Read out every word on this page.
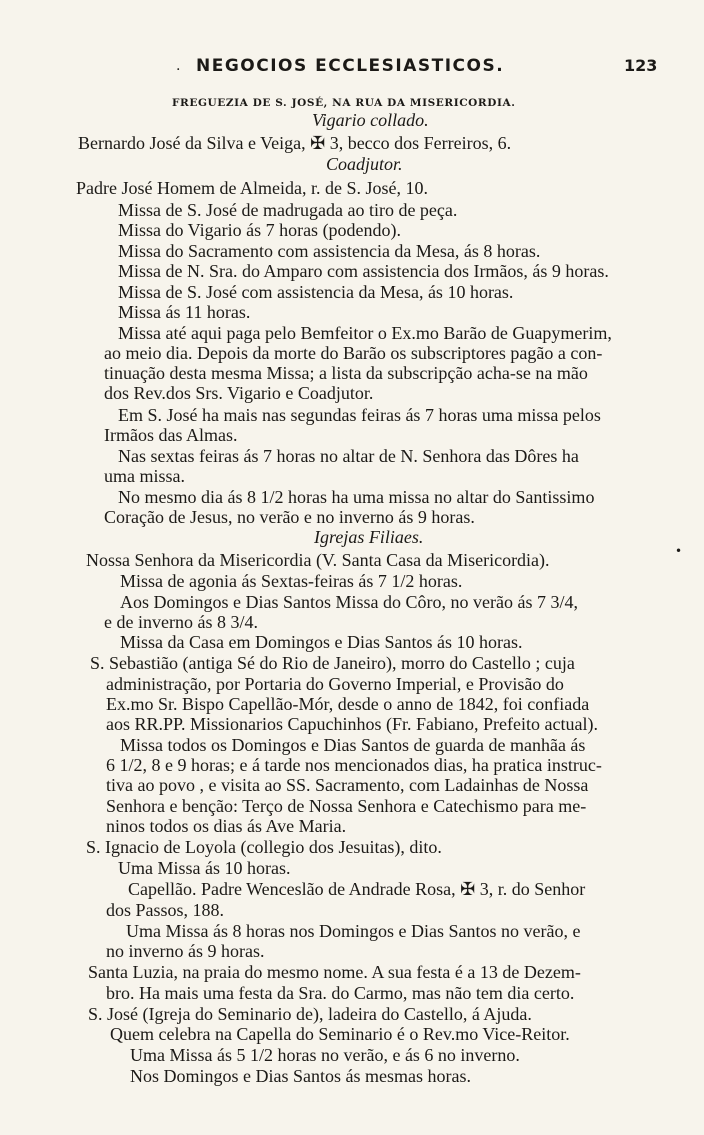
. NEGOCIOS ECCLESIASTICOS.	123
FREGUEZIA DE S. JOSÉ, NA RUA DA MISERICORDIA.
Vigario collado.
Bernardo José da Silva e Veiga, ✠ 3, becco dos Ferreiros, 6.
Coadjutor.
Padre José Homem de Almeida, r. de S. José, 10.
Missa de S. José de madrugada ao tiro de peça.
Missa do Vigario ás 7 horas (podendo).
Missa do Sacramento com assistencia da Mesa, ás 8 horas.
Missa de N. Sra. do Amparo com assistencia dos Irmãos, ás 9 horas.
Missa de S. José com assistencia da Mesa, ás 10 horas.
Missa ás 11 horas.
Missa até aqui paga pelo Bemfeitor o Ex.mo Barão de Guapymerim,
ao meio dia. Depois da morte do Barão os subscriptores pagão a con-
tinuação desta mesma Missa; a lista da subscripção acha-se na mão
dos Rev.dos Srs. Vigario e Coadjutor.
Em S. José ha mais nas segundas feiras ás 7 horas uma missa pelos
Irmãos das Almas.
Nas sextas feiras ás 7 horas no altar de N. Senhora das Dôres ha
uma missa.
No mesmo dia ás 8 1/2 horas ha uma missa no altar do Santissimo
Coração de Jesus, no verão e no inverno ás 9 horas.
Igrejas Filiaes.
Nossa Senhora da Misericordia (V. Santa Casa da Misericordia).
Missa de agonia ás Sextas-feiras ás 7 1/2 horas.
Aos Domingos e Dias Santos Missa do Côro, no verão ás 7 3/4,
e de inverno ás 8 3/4.
Missa da Casa em Domingos e Dias Santos ás 10 horas.
S. Sebastião (antiga Sé do Rio de Janeiro), morro do Castello ; cuja
administração, por Portaria do Governo Imperial, e Provisão do
Ex.mo Sr. Bispo Capellão-Mór, desde o anno de 1842, foi confiada
aos RR.PP. Missionarios Capuchinhos (Fr. Fabiano, Prefeito actual).
Missa todos os Domingos e Dias Santos de guarda de manhãa ás
6 1/2, 8 e 9 horas; e á tarde nos mencionados dias, ha pratica instruc-
tiva ao povo , e visita ao SS. Sacramento, com Ladainhas de Nossa
Senhora e benção: Terço de Nossa Senhora e Catechismo para me-
ninos todos os dias ás Ave Maria.
S. Ignacio de Loyola (collegio dos Jesuitas), dito.
Uma Missa ás 10 horas.
Capellão. Padre Wenceslão de Andrade Rosa, ✠ 3, r. do Senhor
dos Passos, 188.
Uma Missa ás 8 horas nos Domingos e Dias Santos no verão, e
no inverno ás 9 horas.
Santa Luzia, na praia do mesmo nome. A sua festa é a 13 de Dezem-
bro. Ha mais uma festa da Sra. do Carmo, mas não tem dia certo.
S. José (Igreja do Seminario de), ladeira do Castello, á Ajuda.
Quem celebra na Capella do Seminario é o Rev.mo Vice-Reitor.
Uma Missa ás 5 1/2 horas no verão, e ás 6 no inverno.
Nos Domingos e Dias Santos ás mesmas horas.
•
